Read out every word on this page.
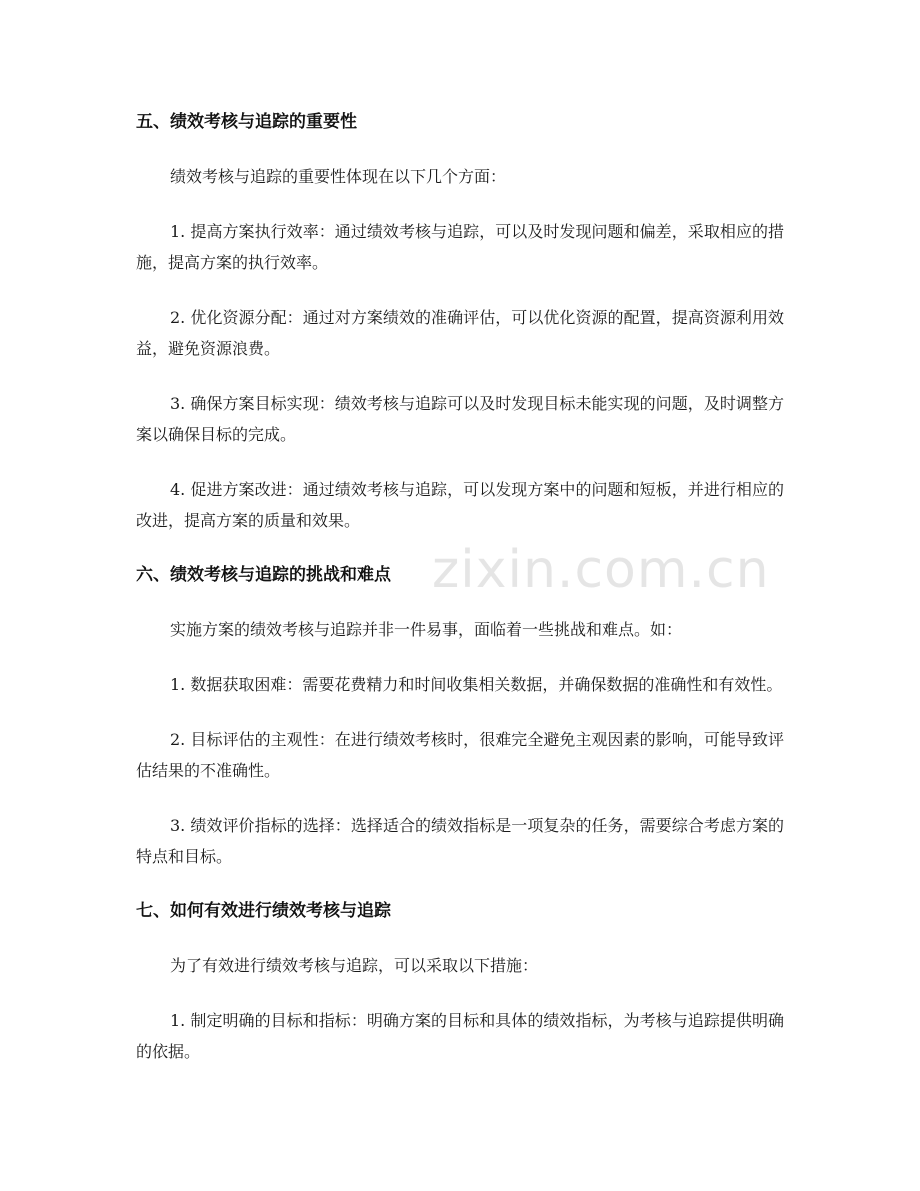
五、绩效考核与追踪的重要性

绩效考核与追踪的重要性体现在以下几个方面：

1. 提高方案执行效率：通过绩效考核与追踪，可以及时发现问题和偏差，采取相应的措施，提高方案的执行效率。

2. 优化资源分配：通过对方案绩效的准确评估，可以优化资源的配置，提高资源利用效益，避免资源浪费。

3. 确保方案目标实现：绩效考核与追踪可以及时发现目标未能实现的问题，及时调整方案以确保目标的完成。

4. 促进方案改进：通过绩效考核与追踪，可以发现方案中的问题和短板，并进行相应的改进，提高方案的质量和效果。

六、绩效考核与追踪的挑战和难点

实施方案的绩效考核与追踪并非一件易事，面临着一些挑战和难点。如：

1. 数据获取困难：需要花费精力和时间收集相关数据，并确保数据的准确性和有效性。

2. 目标评估的主观性：在进行绩效考核时，很难完全避免主观因素的影响，可能导致评估结果的不准确性。

3. 绩效评价指标的选择：选择适合的绩效指标是一项复杂的任务，需要综合考虑方案的特点和目标。

七、如何有效进行绩效考核与追踪

为了有效进行绩效考核与追踪，可以采取以下措施：

1. 制定明确的目标和指标：明确方案的目标和具体的绩效指标，为考核与追踪提供明确的依据。

zixin.com.cn
